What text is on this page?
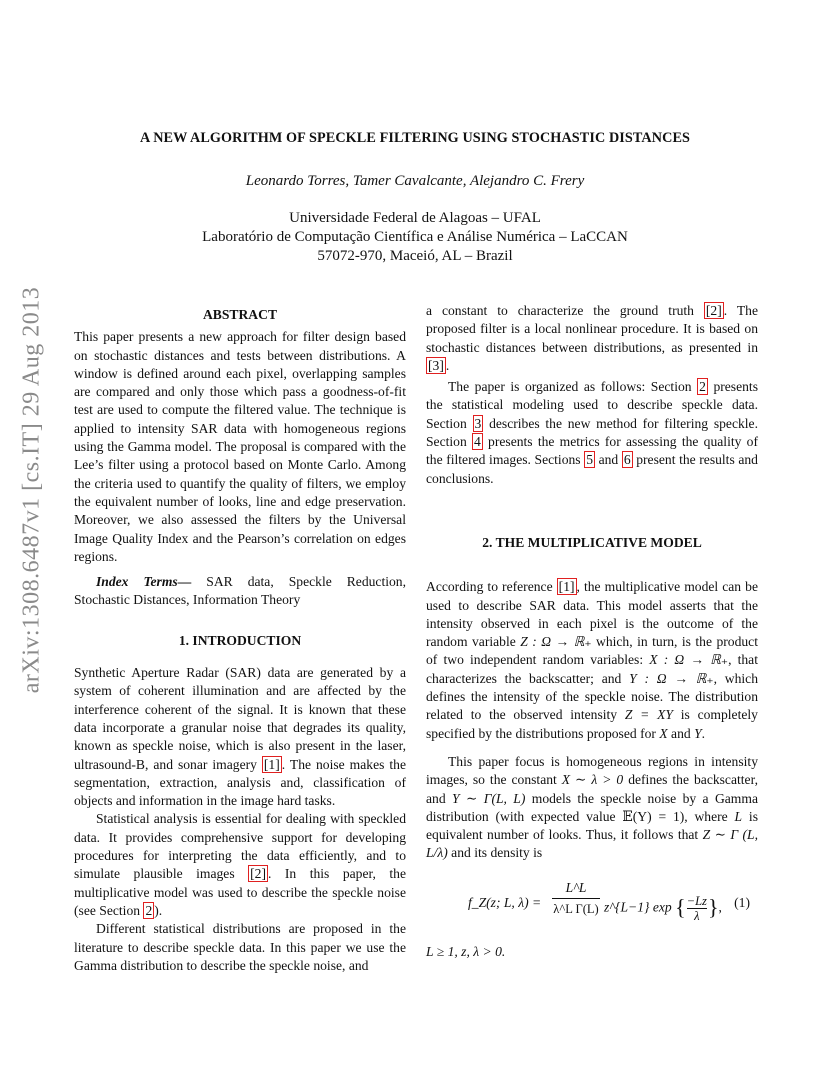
arXiv:1308.6487v1 [cs.IT] 29 Aug 2013
A NEW ALGORITHM OF SPECKLE FILTERING USING STOCHASTIC DISTANCES
Leonardo Torres, Tamer Cavalcante, Alejandro C. Frery
Universidade Federal de Alagoas – UFAL
Laboratório de Computação Científica e Análise Numérica – LaCCAN
57072-970, Maceió, AL – Brazil
ABSTRACT

This paper presents a new approach for filter design based on stochastic distances and tests between distributions. A window is defined around each pixel, overlapping samples are compared and only those which pass a goodness-of-fit test are used to compute the filtered value. The technique is applied to intensity SAR data with homogeneous regions using the Gamma model. The proposal is compared with the Lee’s filter using a protocol based on Monte Carlo. Among the criteria used to quantify the quality of filters, we employ the equivalent number of looks, line and edge preservation. Moreover, we also assessed the filters by the Universal Image Quality Index and the Pearson’s correlation on edges regions.

Index Terms— SAR data, Speckle Reduction, Stochastic Distances, Information Theory

1. INTRODUCTION

Synthetic Aperture Radar (SAR) data are generated by a system of coherent illumination and are affected by the interference coherent of the signal. It is known that these data incorporate a granular noise that degrades its quality, known as speckle noise, which is also present in the laser, ultrasound-B, and sonar imagery [1] . The noise makes the segmentation, extraction, analysis and, classification of objects and information in the image hard tasks.

Statistical analysis is essential for dealing with speckled data. It provides comprehensive support for developing procedures for interpreting the data efficiently, and to simulate plausible images [2] . In this paper, the multiplicative model was used to describe the speckle noise (see Section 2 ).

Different statistical distributions are proposed in the literature to describe speckle data. In this paper we use the Gamma distribution to describe the speckle noise, and

a constant to characterize the ground truth [2] . The proposed filter is a local nonlinear procedure. It is based on stochastic distances between distributions, as presented in [3] .

The paper is organized as follows: Section 2 presents the statistical modeling used to describe speckle data. Section 3 describes the new method for filtering speckle. Section 4 presents the metrics for assessing the quality of the filtered images. Sections 5 and 6 present the results and conclusions.

2. THE MULTIPLICATIVE MODEL

According to reference [1] , the multiplicative model can be used to describe SAR data. This model asserts that the intensity observed in each pixel is the outcome of the random variable Z : Ω → ℝ₊ which, in turn, is the product of two independent random variables: X : Ω → ℝ₊, that characterizes the backscatter; and Y : Ω → ℝ₊, which defines the intensity of the speckle noise. The distribution related to the observed intensity Z = XY is completely specified by the distributions proposed for X and Y.

This paper focus is homogeneous regions in intensity images, so the constant X ∼ λ > 0 defines the backscatter, and Y ∼ Γ(L, L) models the speckle noise by a Gamma distribution (with expected value 𝔼(Y) = 1), where L is equivalent number of looks. Thus, it follows that Z ∼ Γ (L, L/λ) and its density is

f_Z(z; L, $\lambda) = \frac{L\^{}L}{\text{λ\textasciicircum{}L Γ(L)}}$ z^{L−1} exp { $\frac{-Lz}{\lambda}$ }, (1)

L ≥ 1, z, λ > 0.
